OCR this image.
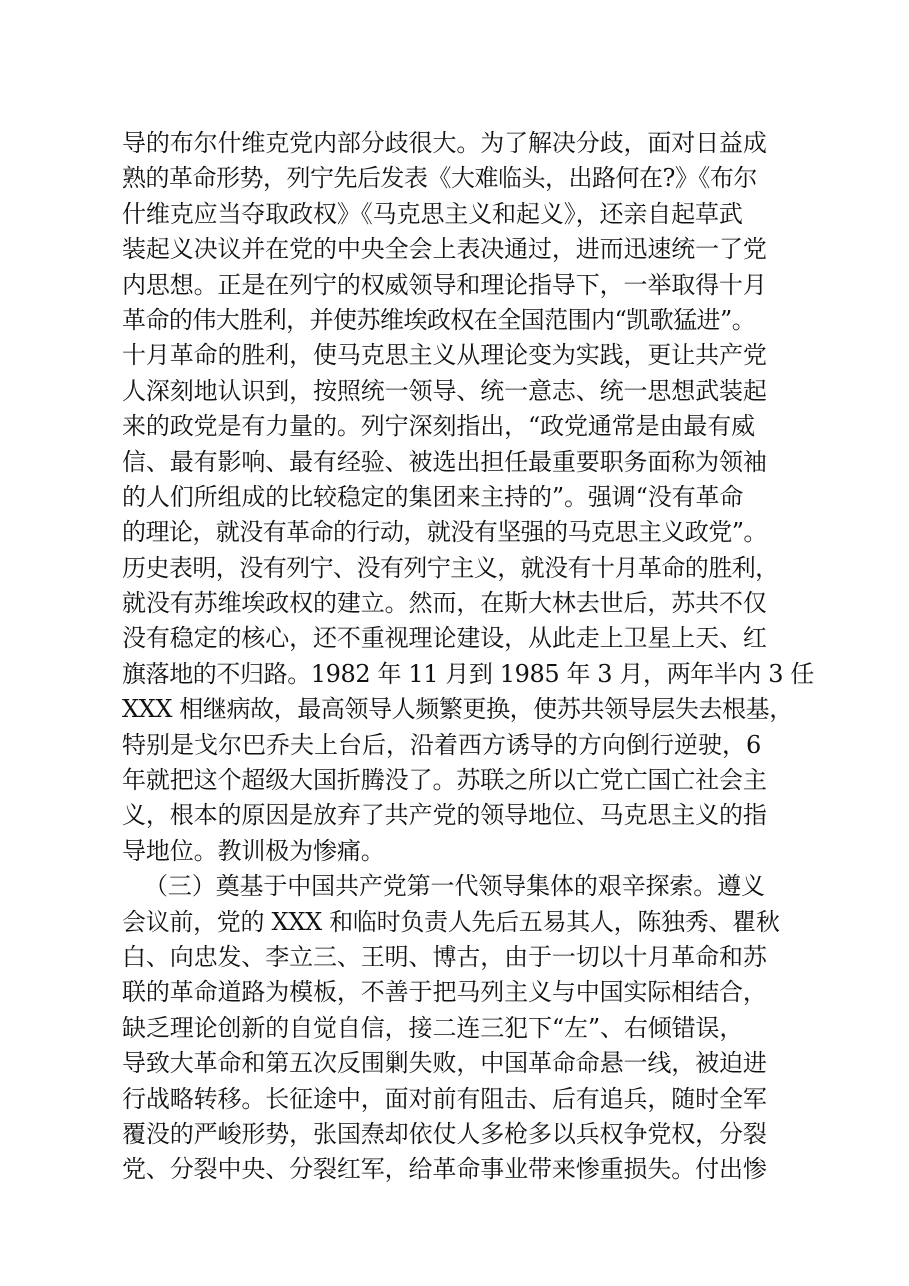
导的布尔什维克党内部分歧很大。为了解决分歧，面对日益成
熟的革命形势，列宁先后发表《大难临头，出路何在?》《布尔
什维克应当夺取政权》《马克思主义和起义》，还亲自起草武
装起义决议并在党的中央全会上表决通过，进而迅速统一了党
内思想。正是在列宁的权威领导和理论指导下，一举取得十月
革命的伟大胜利，并使苏维埃政权在全国范围内“凯歌猛进”。
十月革命的胜利，使马克思主义从理论变为实践，更让共产党
人深刻地认识到，按照统一领导、统一意志、统一思想武装起
来的政党是有力量的。列宁深刻指出，“政党通常是由最有威
信、最有影响、最有经验、被选出担任最重要职务面称为领袖
的人们所组成的比较稳定的集团来主持的”。强调“没有革命
的理论，就没有革命的行动，就没有坚强的马克思主义政党”。
历史表明，没有列宁、没有列宁主义，就没有十月革命的胜利，
就没有苏维埃政权的建立。然而，在斯大林去世后，苏共不仅
没有稳定的核心，还不重视理论建设，从此走上卫星上天、红
旗落地的不归路。1982 年 11 月到 1985 年 3 月，两年半内 3 任
XXX 相继病故，最高领导人频繁更换，使苏共领导层失去根基，
特别是戈尔巴乔夫上台后，沿着西方诱导的方向倒行逆驶，6
年就把这个超级大国折腾没了。苏联之所以亡党亡国亡社会主
义，根本的原因是放弃了共产党的领导地位、马克思主义的指
导地位。教训极为惨痛。
（三）奠基于中国共产党第一代领导集体的艰辛探索。遵义
会议前，党的 XXX 和临时负责人先后五易其人，陈独秀、瞿秋
白、向忠发、李立三、王明、博古，由于一切以十月革命和苏
联的革命道路为模板，不善于把马列主义与中国实际相结合，
缺乏理论创新的自觉自信，接二连三犯下“左”、右倾错误，
导致大革命和第五次反围剿失败，中国革命命悬一线，被迫进
行战略转移。长征途中，面对前有阻击、后有追兵，随时全军
覆没的严峻形势，张国焘却依仗人多枪多以兵权争党权，分裂
党、分裂中央、分裂红军，给革命事业带来惨重损失。付出惨
